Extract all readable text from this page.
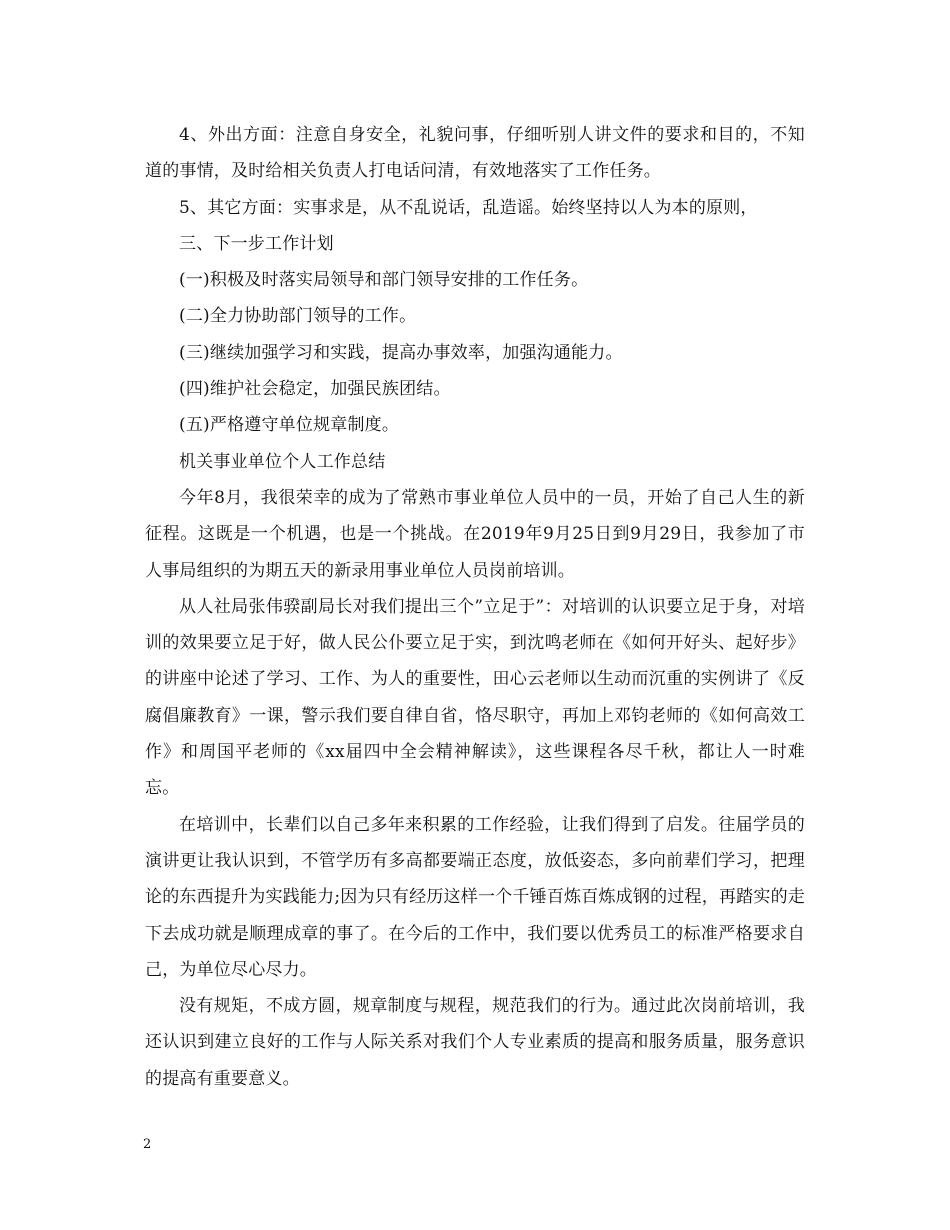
4、外出方面：注意自身安全，礼貌问事，仔细听别人讲文件的要求和目的，不知道的事情，及时给相关负责人打电话问清，有效地落实了工作任务。

5、其它方面：实事求是，从不乱说话，乱造谣。始终坚持以人为本的原则，

三、下一步工作计划

(一)积极及时落实局领导和部门领导安排的工作任务。

(二)全力协助部门领导的工作。

(三)继续加强学习和实践，提高办事效率，加强沟通能力。

(四)维护社会稳定，加强民族团结。

(五)严格遵守单位规章制度。

机关事业单位个人工作总结

今年8月，我很荣幸的成为了常熟市事业单位人员中的一员，开始了自己人生的新征程。这既是一个机遇，也是一个挑战。在2019年9月25日到9月29日，我参加了市人事局组织的为期五天的新录用事业单位人员岗前培训。

从人社局张伟骙副局长对我们提出三个”立足于”：对培训的认识要立足于身，对培训的效果要立足于好，做人民公仆要立足于实，到沈鸣老师在《如何开好头、起好步》的讲座中论述了学习、工作、为人的重要性，田心云老师以生动而沉重的实例讲了《反腐倡廉教育》一课，警示我们要自律自省，恪尽职守，再加上邓钧老师的《如何高效工作》和周国平老师的《xx届四中全会精神解读》，这些课程各尽千秋，都让人一时难忘。

在培训中，长辈们以自己多年来积累的工作经验，让我们得到了启发。往届学员的演讲更让我认识到，不管学历有多高都要端正态度，放低姿态，多向前辈们学习，把理论的东西提升为实践能力;因为只有经历这样一个千锤百炼百炼成钢的过程，再踏实的走下去成功就是顺理成章的事了。在今后的工作中，我们要以优秀员工的标准严格要求自己，为单位尽心尽力。

没有规矩，不成方圆，规章制度与规程，规范我们的行为。通过此次岗前培训，我还认识到建立良好的工作与人际关系对我们个人专业素质的提高和服务质量，服务意识的提高有重要意义。

2
